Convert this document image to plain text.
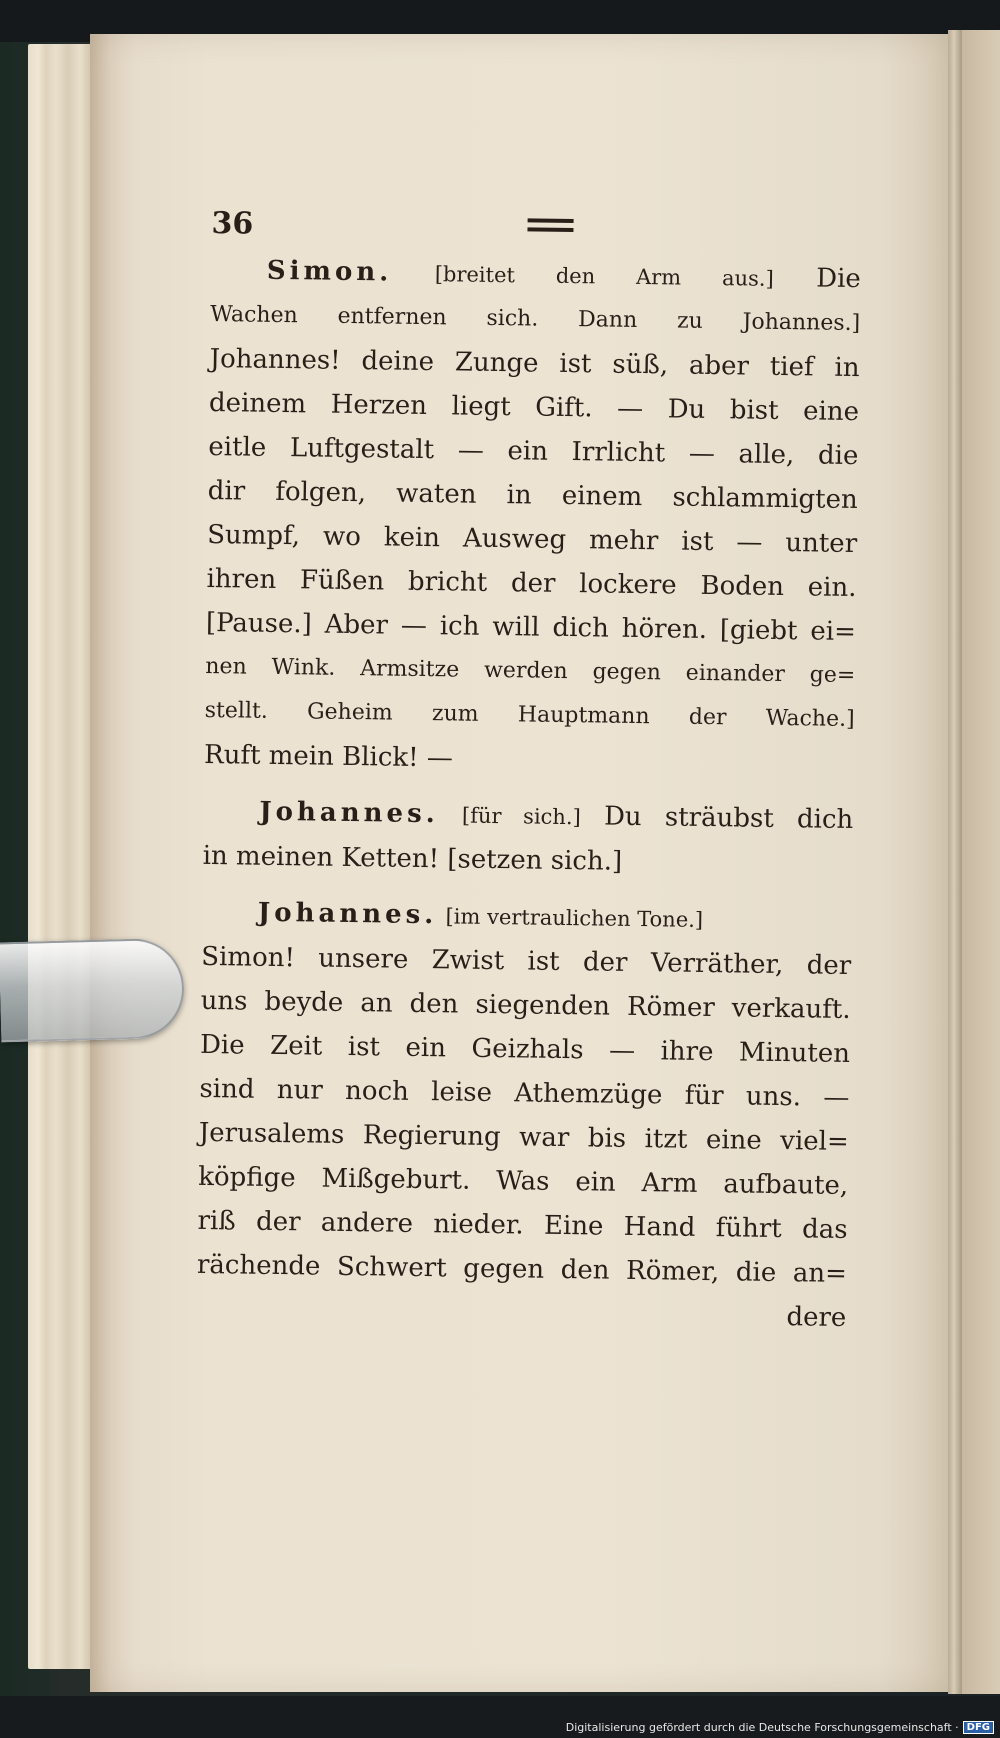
36
Simon. [breitet den Arm aus.] Die
Wachen entfernen sich. Dann zu Johannes.]
Johannes! deine Zunge ist süß, aber tief in
deinem Herzen liegt Gift. — Du bist eine
eitle Luftgestalt — ein Irrlicht — alle, die
dir folgen, waten in einem schlammigten
Sumpf, wo kein Ausweg mehr ist — unter
ihren Füßen bricht der lockere Boden ein.
[Pause.] Aber — ich will dich hören. [giebt ei=
nen Wink. Armsitze werden gegen einander ge=
stellt. Geheim zum Hauptmann der Wache.]
Ruft mein Blick! —
Johannes. [für sich.] Du sträubst dich
in meinen Ketten! [setzen sich.]
Johannes. [im vertraulichen Tone.]
Simon! unsere Zwist ist der Verräther, der
uns beyde an den siegenden Römer verkauft.
Die Zeit ist ein Geizhals — ihre Minuten
sind nur noch leise Athemzüge für uns. —
Jerusalems Regierung war bis itzt eine viel=
köpfige Mißgeburt. Was ein Arm aufbaute,
riß der andere nieder. Eine Hand führt das
rächende Schwert gegen den Römer, die an=
dere
Digitalisierung gefördert durch die Deutsche Forschungsgemeinschaft · DFG
